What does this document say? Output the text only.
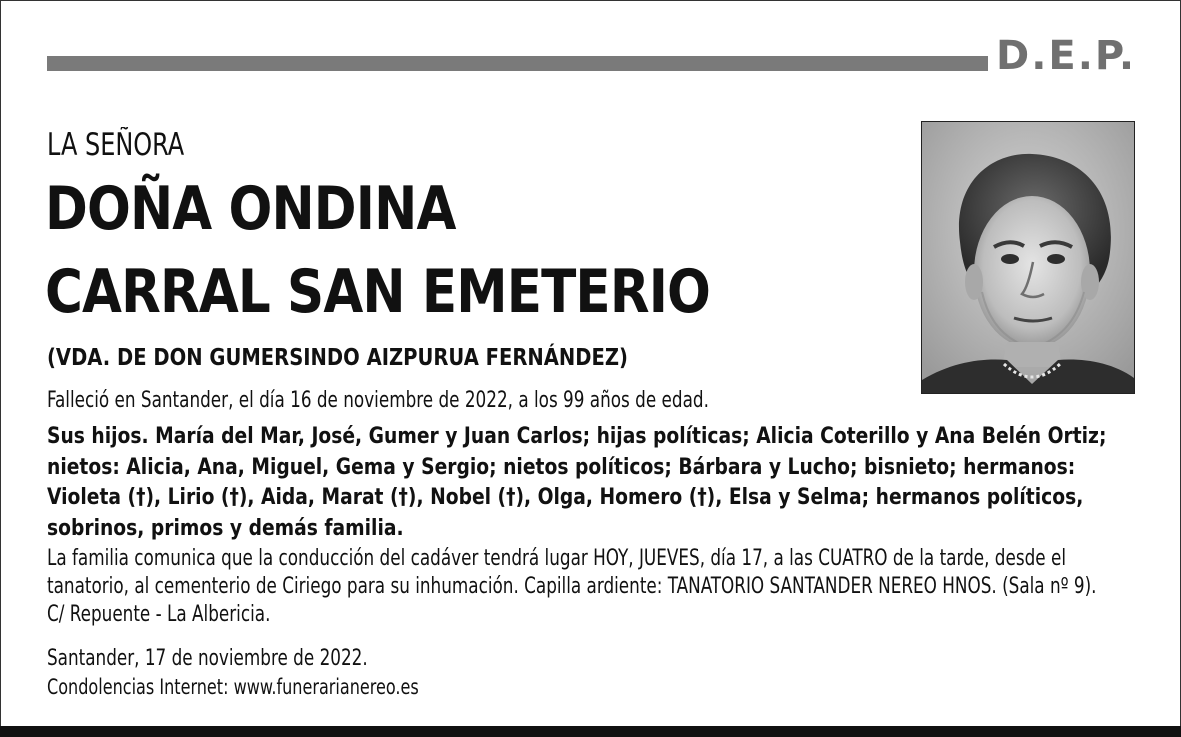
D.E.P.
LA SEÑORA
DOÑA ONDINA
CARRAL SAN EMETERIO
(VDA. DE DON GUMERSINDO AIZPURUA FERNÁNDEZ)
Falleció en Santander, el día 16 de noviembre de 2022, a los 99 años de edad.
Sus hijos. María del Mar, José, Gumer y Juan Carlos; hijas políticas; Alicia Coterillo y Ana Belén Ortiz; nietos: Alicia, Ana, Miguel, Gema y Sergio; nietos políticos; Bárbara y Lucho; bisnieto; hermanos: Violeta (†), Lirio (†), Aida, Marat (†), Nobel (†), Olga, Homero (†), Elsa y Selma; hermanos políticos, sobrinos, primos y demás familia.
La familia comunica que la conducción del cadáver tendrá lugar HOY, JUEVES, día 17, a las CUATRO de la tarde, desde el tanatorio, al cementerio de Ciriego para su inhumación. Capilla ardiente: TANATORIO SANTANDER NEREO HNOS. (Sala nº 9). C/ Repuente - La Albericia.
Santander, 17 de noviembre de 2022.
Condolencias Internet: www.funerarianereo.es
